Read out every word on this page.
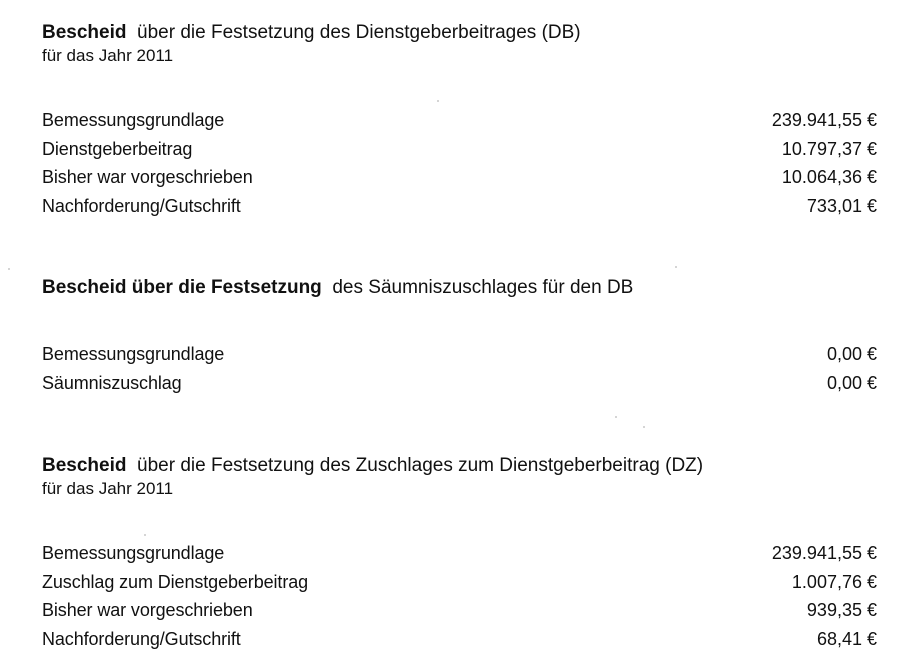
Bescheid über die Festsetzung des Dienstgeberbeitrages (DB)
für das Jahr 2011
Bemessungsgrundlage	239.941,55 €
Dienstgeberbeitrag	10.797,37 €
Bisher war vorgeschrieben	10.064,36 €
Nachforderung/Gutschrift	733,01 €
Bescheid über die Festsetzung des Säumniszuschlages für den DB
Bemessungsgrundlage	0,00 €
Säumniszuschlag	0,00 €
Bescheid über die Festsetzung des Zuschlages zum Dienstgeberbeitrag (DZ)
für das Jahr 2011
Bemessungsgrundlage	239.941,55 €
Zuschlag zum Dienstgeberbeitrag	1.007,76 €
Bisher war vorgeschrieben	939,35 €
Nachforderung/Gutschrift	68,41 €
